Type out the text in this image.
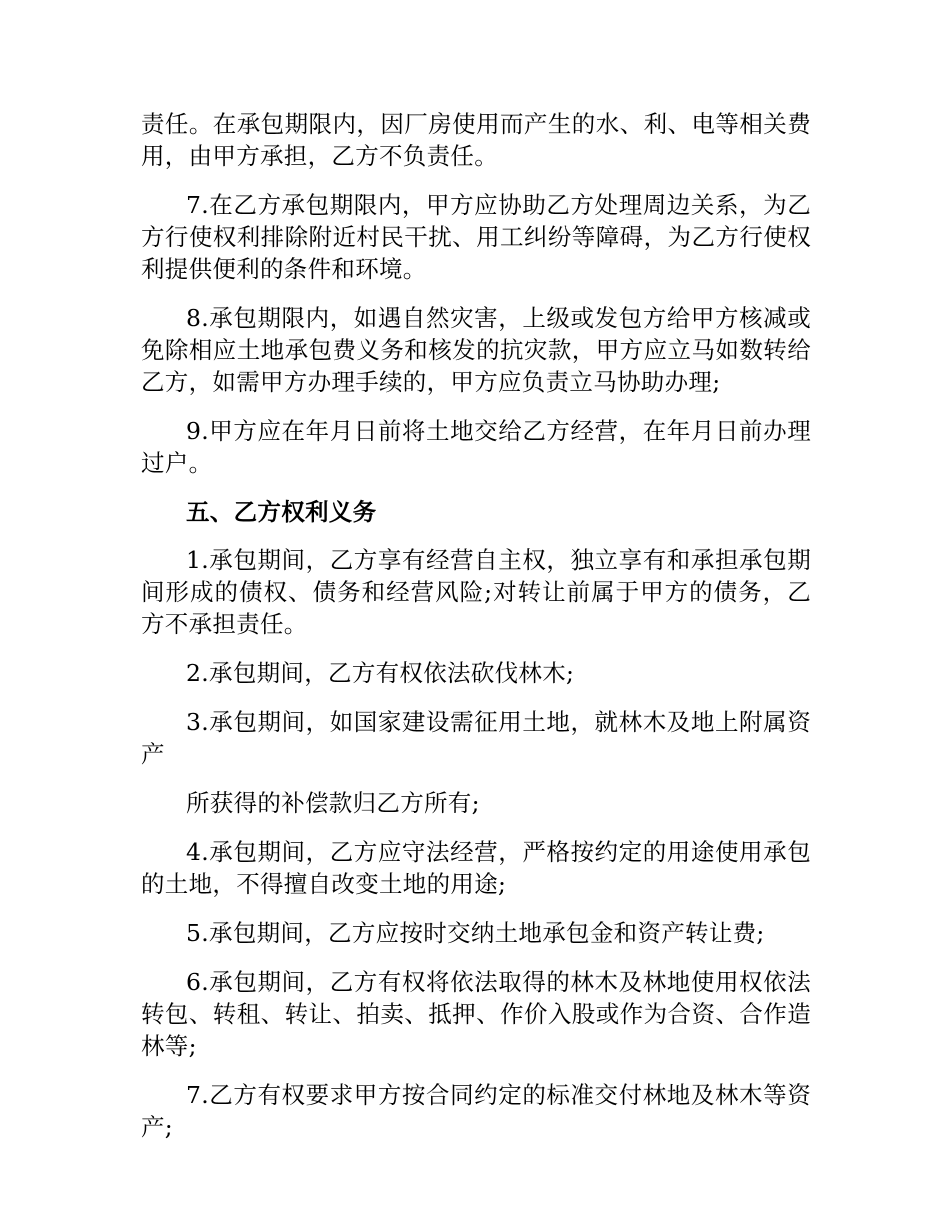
责任。在承包期限内，因厂房使用而产生的水、利、电等相关费用，由甲方承担，乙方不负责任。

7.在乙方承包期限内，甲方应协助乙方处理周边关系，为乙方行使权利排除附近村民干扰、用工纠纷等障碍，为乙方行使权利提供便利的条件和环境。

8.承包期限内，如遇自然灾害，上级或发包方给甲方核减或免除相应土地承包费义务和核发的抗灾款，甲方应立马如数转给乙方，如需甲方办理手续的，甲方应负责立马协助办理;

9.甲方应在年月日前将土地交给乙方经营，在年月日前办理过户。

五、乙方权利义务

1.承包期间，乙方享有经营自主权，独立享有和承担承包期间形成的债权、债务和经营风险;对转让前属于甲方的债务，乙方不承担责任。

2.承包期间，乙方有权依法砍伐林木;

3.承包期间，如国家建设需征用土地，就林木及地上附属资产

所获得的补偿款归乙方所有;

4.承包期间，乙方应守法经营，严格按约定的用途使用承包的土地，不得擅自改变土地的用途;

5.承包期间，乙方应按时交纳土地承包金和资产转让费;

6.承包期间，乙方有权将依法取得的林木及林地使用权依法转包、转租、转让、拍卖、抵押、作价入股或作为合资、合作造林等;

7.乙方有权要求甲方按合同约定的标准交付林地及林木等资产;
